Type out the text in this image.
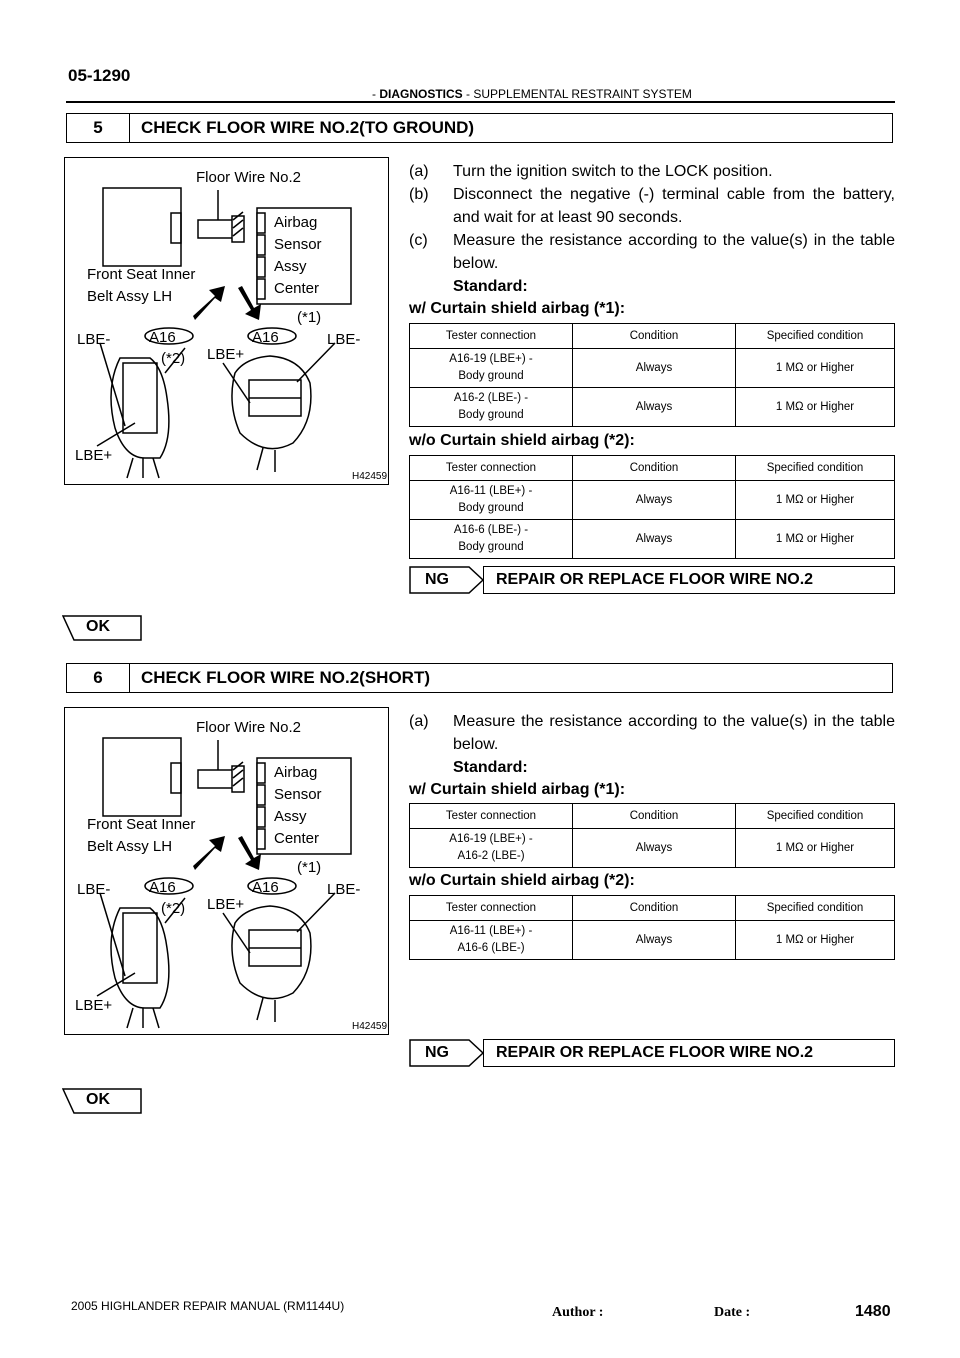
05-1290
- DIAGNOSTICS - SUPPLEMENTAL RESTRAINT SYSTEM
5	CHECK FLOOR WIRE NO.2(TO GROUND)
Floor Wire No.2
Airbag
Sensor
Assy
Center
Front Seat Inner
Belt Assy LH
(*1)
(*2)
LBE-	A16	A16	LBE-
LBE+
LBE+
H42459
(a) Turn the ignition switch to the LOCK position.
(b) Disconnect the negative (-) terminal cable from the battery, and wait for at least 90 seconds.
(c) Measure the resistance according to the value(s) in the table below.
Standard:
w/ Curtain shield airbag (*1):
Tester connection	Condition	Specified condition
A16-19 (LBE+) -
Body ground	Always	1 MΩ or Higher
A16-2 (LBE-) -
Body ground	Always	1 MΩ or Higher
w/o Curtain shield airbag (*2):
Tester connection	Condition	Specified condition
A16-11 (LBE+) -
Body ground	Always	1 MΩ or Higher
A16-6 (LBE-) -
Body ground	Always	1 MΩ or Higher
NG	REPAIR OR REPLACE FLOOR WIRE NO.2
OK
6	CHECK FLOOR WIRE NO.2(SHORT)
Floor Wire No.2
Airbag
Sensor
Assy
Center
Front Seat Inner
Belt Assy LH
(*1)
(*2)
LBE-	A16	A16	LBE-
LBE+
LBE+
H42459
(a) Measure the resistance according to the value(s) in the table below.
Standard:
w/ Curtain shield airbag (*1):
Tester connection	Condition	Specified condition
A16-19 (LBE+) -
A16-2 (LBE-)	Always	1 MΩ or Higher
w/o Curtain shield airbag (*2):
Tester connection	Condition	Specified condition
A16-11 (LBE+) -
A16-6 (LBE-)	Always	1 MΩ or Higher
NG	REPAIR OR REPLACE FLOOR WIRE NO.2
OK
2005 HIGHLANDER REPAIR MANUAL (RM1144U)	Author :	Date :	1480
